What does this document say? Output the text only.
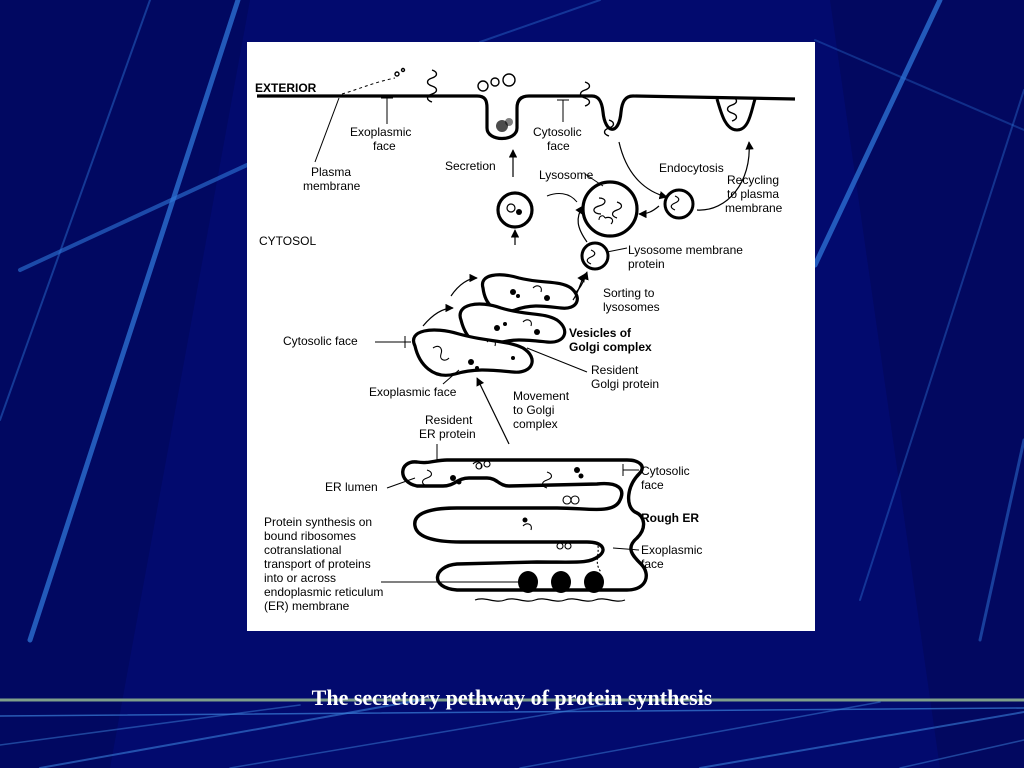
EXTERIOR
CYTOSOL
Exoplasmic
face
Plasma
membrane
Cytosolic
face
Secretion
Lysosome	Endocytosis
Recycling
to plasma
membrane
Lysosome membrane
protein
Sorting to
lysosomes
Vesicles of
Golgi complex
Cytosolic face
Resident
Golgi protein
Exoplasmic face	Movement
to Golgi
complex
Resident
ER protein
Cytosolic
face
ER lumen
Rough ER
Exoplasmic
face
Protein synthesis on
bound ribosomes
cotranslational
transport of proteins
into or across
endoplasmic reticulum
(ER) membrane
The secretory pethway of protein synthesis
